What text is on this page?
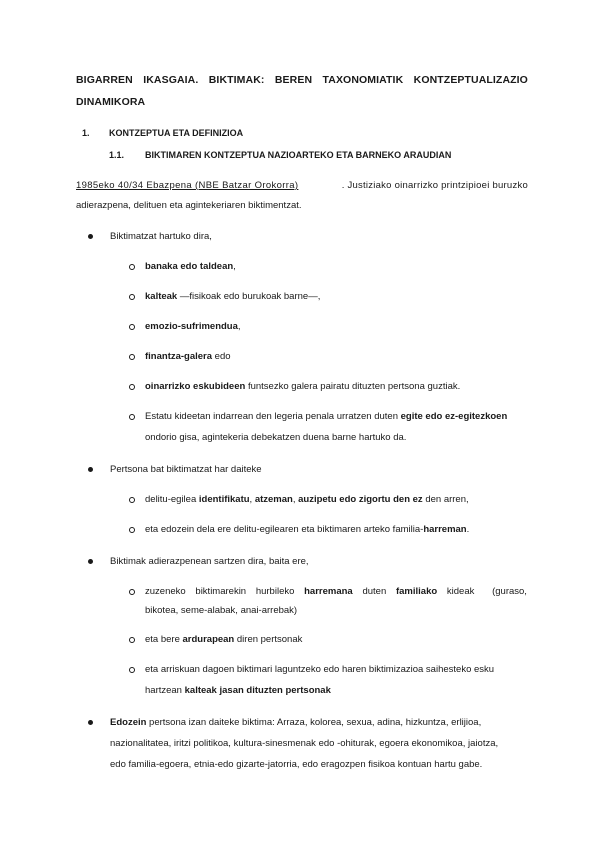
BIGARREN IKASGAIA. BIKTIMAK: BEREN TAXONOMIATIK KONTZEPTUALIZAZIO
DINAMIKORA
1. KONTZEPTUA ETA DEFINIZIOA
1.1. BIKTIMAREN KONTZEPTUA NAZIOARTEKO ETA BARNEKO ARAUDIAN
1985eko 40/34 Ebazpena (NBE Batzar Orokorra)	. Justiziako oinarrizko printzipioei buruzko
adierazpena, delituen eta agintekeriaren biktimentzat.
Biktimatzat hartuko dira,
banaka edo taldean,
kalteak —fisikoak edo burukoak barne—,
emozio-sufrimendua,
finantza-galera edo
oinarrizko eskubideen funtsezko galera pairatu dituzten pertsona guztiak.
Estatu kideetan indarrean den legeria penala urratzen duten egite edo ez-egitezkoen
ondorio gisa, agintekeria debekatzen duena barne hartuko da.
Pertsona bat biktimatzat har daiteke
delitu-egilea identifikatu, atzeman, auzipetu edo zigortu den ez den arren,
eta edozein dela ere delitu-egilearen eta biktimaren arteko familia-harreman.
Biktimak adierazpenean sartzen dira, baita ere,
zuzeneko biktimarekin hurbileko harremana duten familiako kideak (guraso,
bikotea, seme-alabak, anai-arrebak)
eta bere ardurapean diren pertsonak
eta arriskuan dagoen biktimari laguntzeko edo haren biktimizazioa saihesteko esku
hartzean kalteak jasan dituzten pertsonak
Edozein pertsona izan daiteke biktima: Arraza, kolorea, sexua, adina, hizkuntza, erlijioa,
nazionalitatea, iritzi politikoa, kultura-sinesmenak edo -ohiturak, egoera ekonomikoa, jaiotza,
edo familia-egoera, etnia-edo gizarte-jatorria, edo eragozpen fisikoa kontuan hartu gabe.
